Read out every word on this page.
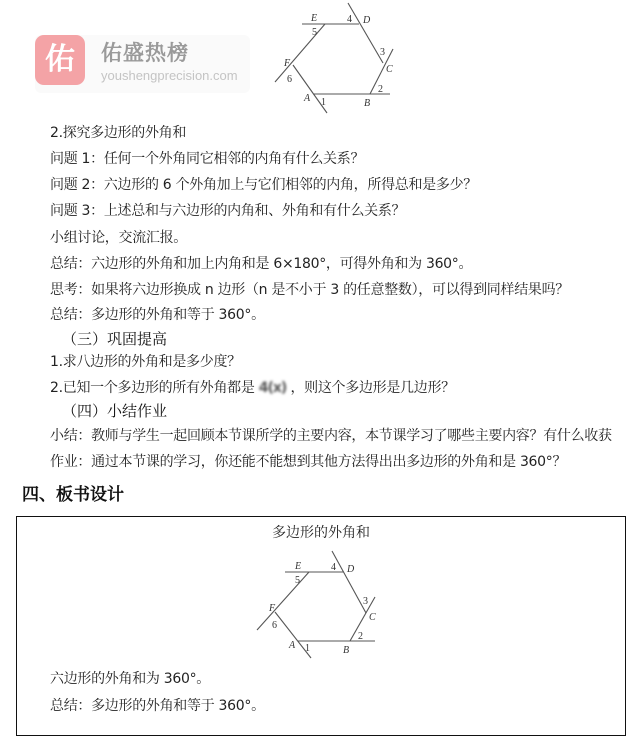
佑	佑盛热榜
youshengprecision.com
E
5
4 D
3
C
2
B
A 1
F
6
2.探究多边形的外角和
问题 1：任何一个外角同它相邻的内角有什么关系？
问题 2：六边形的 6 个外角加上与它们相邻的内角，所得总和是多少？
问题 3：上述总和与六边形的内角和、外角和有什么关系？
小组讨论，交流汇报。
总结：六边形的外角和加上内角和是 6×180°，可得外角和为 360°。
思考：如果将六边形换成 n 边形（n 是不小于 3 的任意整数），可以得到同样结果吗？
总结：多边形的外角和等于 360°。
（三）巩固提高
1.求八边形的外角和是多少度？
2.已知一个多边形的所有外角都是 4(x) ，则这个多边形是几边形？
（四）小结作业
小结：教师与学生一起回顾本节课所学的主要内容，本节课学习了哪些主要内容？有什么收获
作业：通过本节课的学习，你还能不能想到其他方法得出出多边形的外角和是 360°？
四、板书设计
多边形的外角和
E
5
4 D
3
C
2
B
A 1
F
6
六边形的外角和为 360°。
总结：多边形的外角和等于 360°。
